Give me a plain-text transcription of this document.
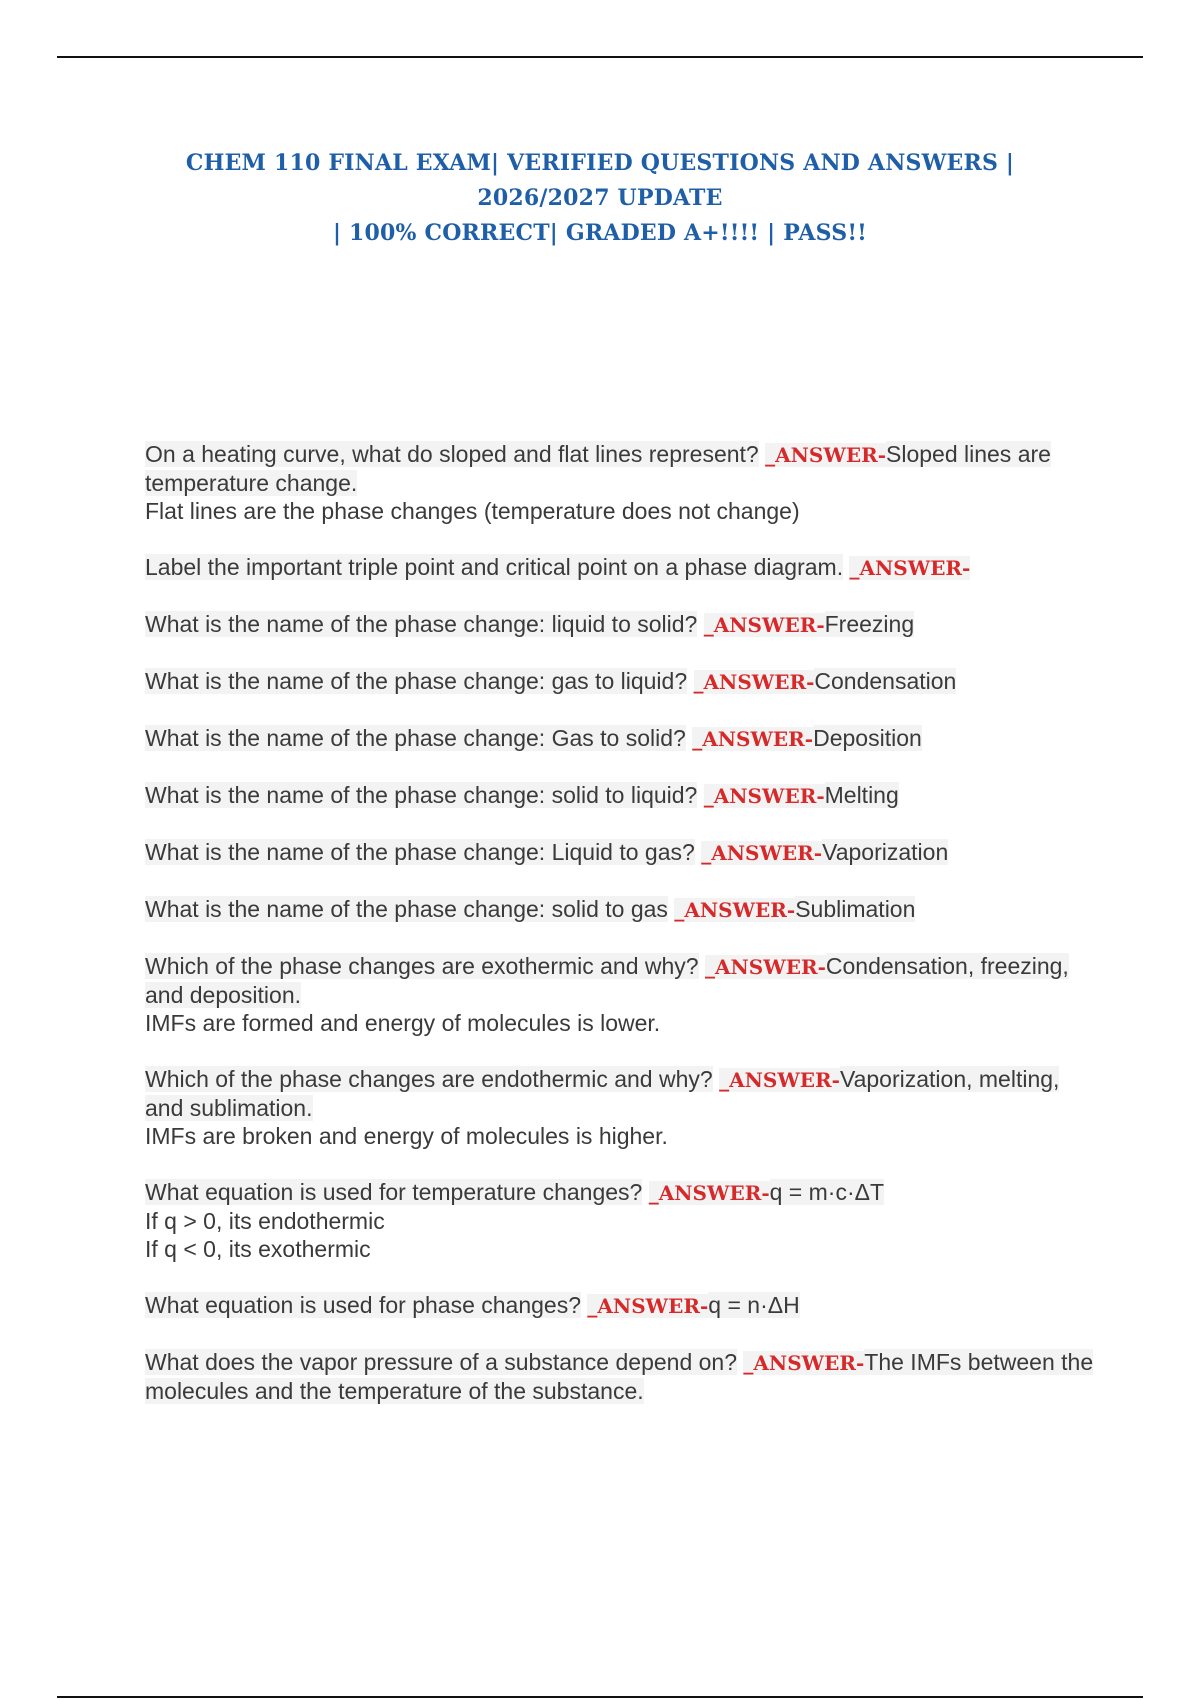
CHEM 110 FINAL EXAM| VERIFIED QUESTIONS AND ANSWERS | 2026/2027 UPDATE
| 100% CORRECT| GRADED A+!!!! | PASS!!
On a heating curve, what do sloped and flat lines represent? _ANSWER-Sloped lines are temperature change.
Flat lines are the phase changes (temperature does not change)
Label the important triple point and critical point on a phase diagram. _ANSWER-
What is the name of the phase change: liquid to solid? _ANSWER-Freezing
What is the name of the phase change: gas to liquid? _ANSWER-Condensation
What is the name of the phase change: Gas to solid? _ANSWER-Deposition
What is the name of the phase change: solid to liquid? _ANSWER-Melting
What is the name of the phase change: Liquid to gas? _ANSWER-Vaporization
What is the name of the phase change: solid to gas _ANSWER-Sublimation
Which of the phase changes are exothermic and why? _ANSWER-Condensation, freezing, and deposition.
IMFs are formed and energy of molecules is lower.
Which of the phase changes are endothermic and why? _ANSWER-Vaporization, melting, and sublimation.
IMFs are broken and energy of molecules is higher.
What equation is used for temperature changes? _ANSWER-q = m·c·ΔT
If q > 0, its endothermic
If q < 0, its exothermic
What equation is used for phase changes? _ANSWER-q = n·ΔH
What does the vapor pressure of a substance depend on? _ANSWER-The IMFs between the molecules and the temperature of the substance.
